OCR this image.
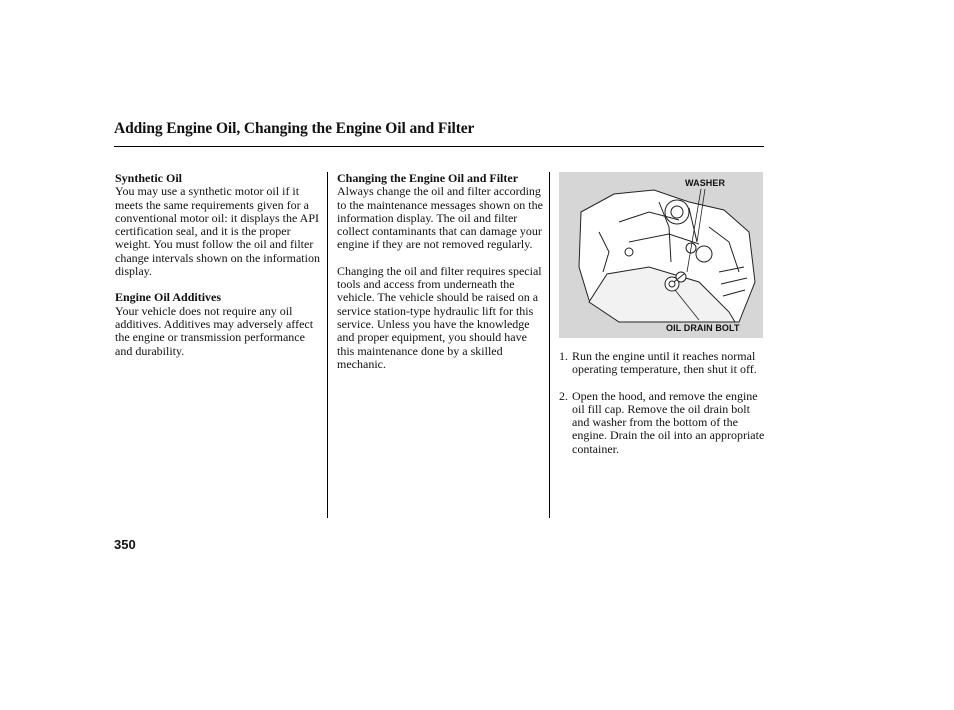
Adding Engine Oil, Changing the Engine Oil and Filter

Synthetic Oil

You may use a synthetic motor oil if it meets the same requirements given for a conventional motor oil: it displays the API certification seal, and it is the proper weight. You must follow the oil and filter change intervals shown on the information display.

Engine Oil Additives

Your vehicle does not require any oil additives. Additives may adversely affect the engine or transmission performance and durability.

Changing the Engine Oil and Filter

Always change the oil and filter according to the maintenance messages shown on the information display. The oil and filter collect contaminants that can damage your engine if they are not removed regularly.

Changing the oil and filter requires special tools and access from underneath the vehicle. The vehicle should be raised on a service station-type hydraulic lift for this service. Unless you have the knowledge and proper equipment, you should have this maintenance done by a skilled mechanic.

WASHER
OIL DRAIN BOLT
1. Run the engine until it reaches normal operating temperature, then shut it off.
2. Open the hood, and remove the engine oil fill cap. Remove the oil drain bolt and washer from the bottom of the engine. Drain the oil into an appropriate container.
350
